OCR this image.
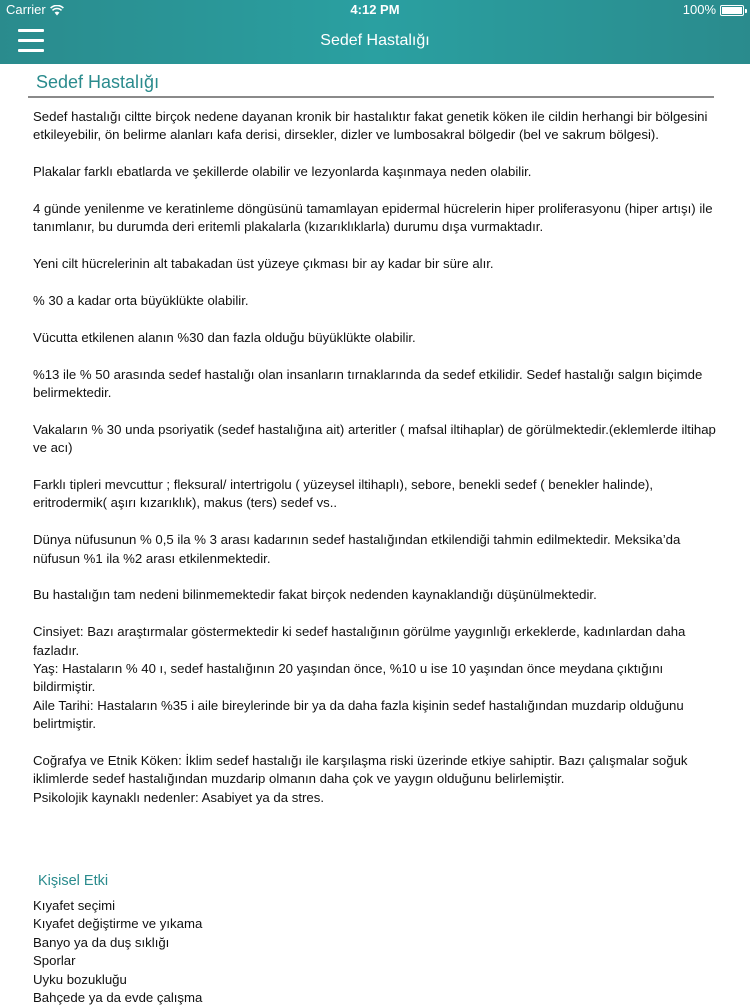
Carrier	4:12 PM	100%
Sedef Hastalığı
Sedef Hastalığı

Sedef hastalığı ciltte birçok nedene dayanan kronik bir hastalıktır fakat genetik köken ile cildin herhangi bir bölgesini etkileyebilir, ön belirme alanları kafa derisi, dirsekler, dizler ve lumbosakral bölgedir (bel ve sakrum bölgesi).

Plakalar farklı ebatlarda ve şekillerde olabilir ve lezyonlarda kaşınmaya neden olabilir.

4 günde yenilenme ve keratinleme döngüsünü tamamlayan epidermal hücrelerin hiper proliferasyonu (hiper artışı) ile tanımlanır, bu durumda deri eritemli plakalarla (kızarıklıklarla) durumu dışa vurmaktadır.

Yeni cilt hücrelerinin alt tabakadan üst yüzeye çıkması bir ay kadar bir süre alır.

% 30 a kadar orta büyüklükte olabilir.

Vücutta etkilenen alanın %30 dan fazla olduğu büyüklükte olabilir.

%13 ile % 50 arasında sedef hastalığı olan insanların tırnaklarında da sedef etkilidir. Sedef hastalığı salgın biçimde belirmektedir.

Vakaların % 30 unda psoriyatik (sedef hastalığına ait) arteritler ( mafsal iltihaplar) de görülmektedir.(eklemlerde iltihap ve acı)

Farklı tipleri mevcuttur ; fleksural/ intertrigolu ( yüzeysel iltihaplı), sebore, benekli sedef ( benekler halinde), eritrodermik( aşırı kızarıklık), makus (ters) sedef vs..

Dünya nüfusunun % 0,5 ila % 3 arası kadarının sedef hastalığından etkilendiği tahmin edilmektedir. Meksika’da nüfusun %1 ila %2 arası etkilenmektedir.

Bu hastalığın tam nedeni bilinmemektedir fakat birçok nedenden kaynaklandığı düşünülmektedir.

Cinsiyet: Bazı araştırmalar göstermektedir ki sedef hastalığının görülme yaygınlığı erkeklerde, kadınlardan daha fazladır.
Yaş: Hastaların % 40 ı, sedef hastalığının 20 yaşından önce, %10 u ise 10 yaşından önce meydana çıktığını bildirmiştir.
Aile Tarihi: Hastaların %35 i aile bireylerinde bir ya da daha fazla kişinin sedef hastalığından muzdarip olduğunu belirtmiştir.

Coğrafya ve Etnik Köken: İklim sedef hastalığı ile karşılaşma riski üzerinde etkiye sahiptir. Bazı çalışmalar soğuk iklimlerde sedef hastalığından muzdarip olmanın daha çok ve yaygın olduğunu belirlemiştir.
Psikolojik kaynaklı nedenler: Asabiyet ya da stres.

Kişisel Etki
Kıyafet seçimi
Kıyafet değiştirme ve yıkama
Banyo ya da duş sıklığı
Sporlar
Uyku bozukluğu
Bahçede ya da evde çalışma
